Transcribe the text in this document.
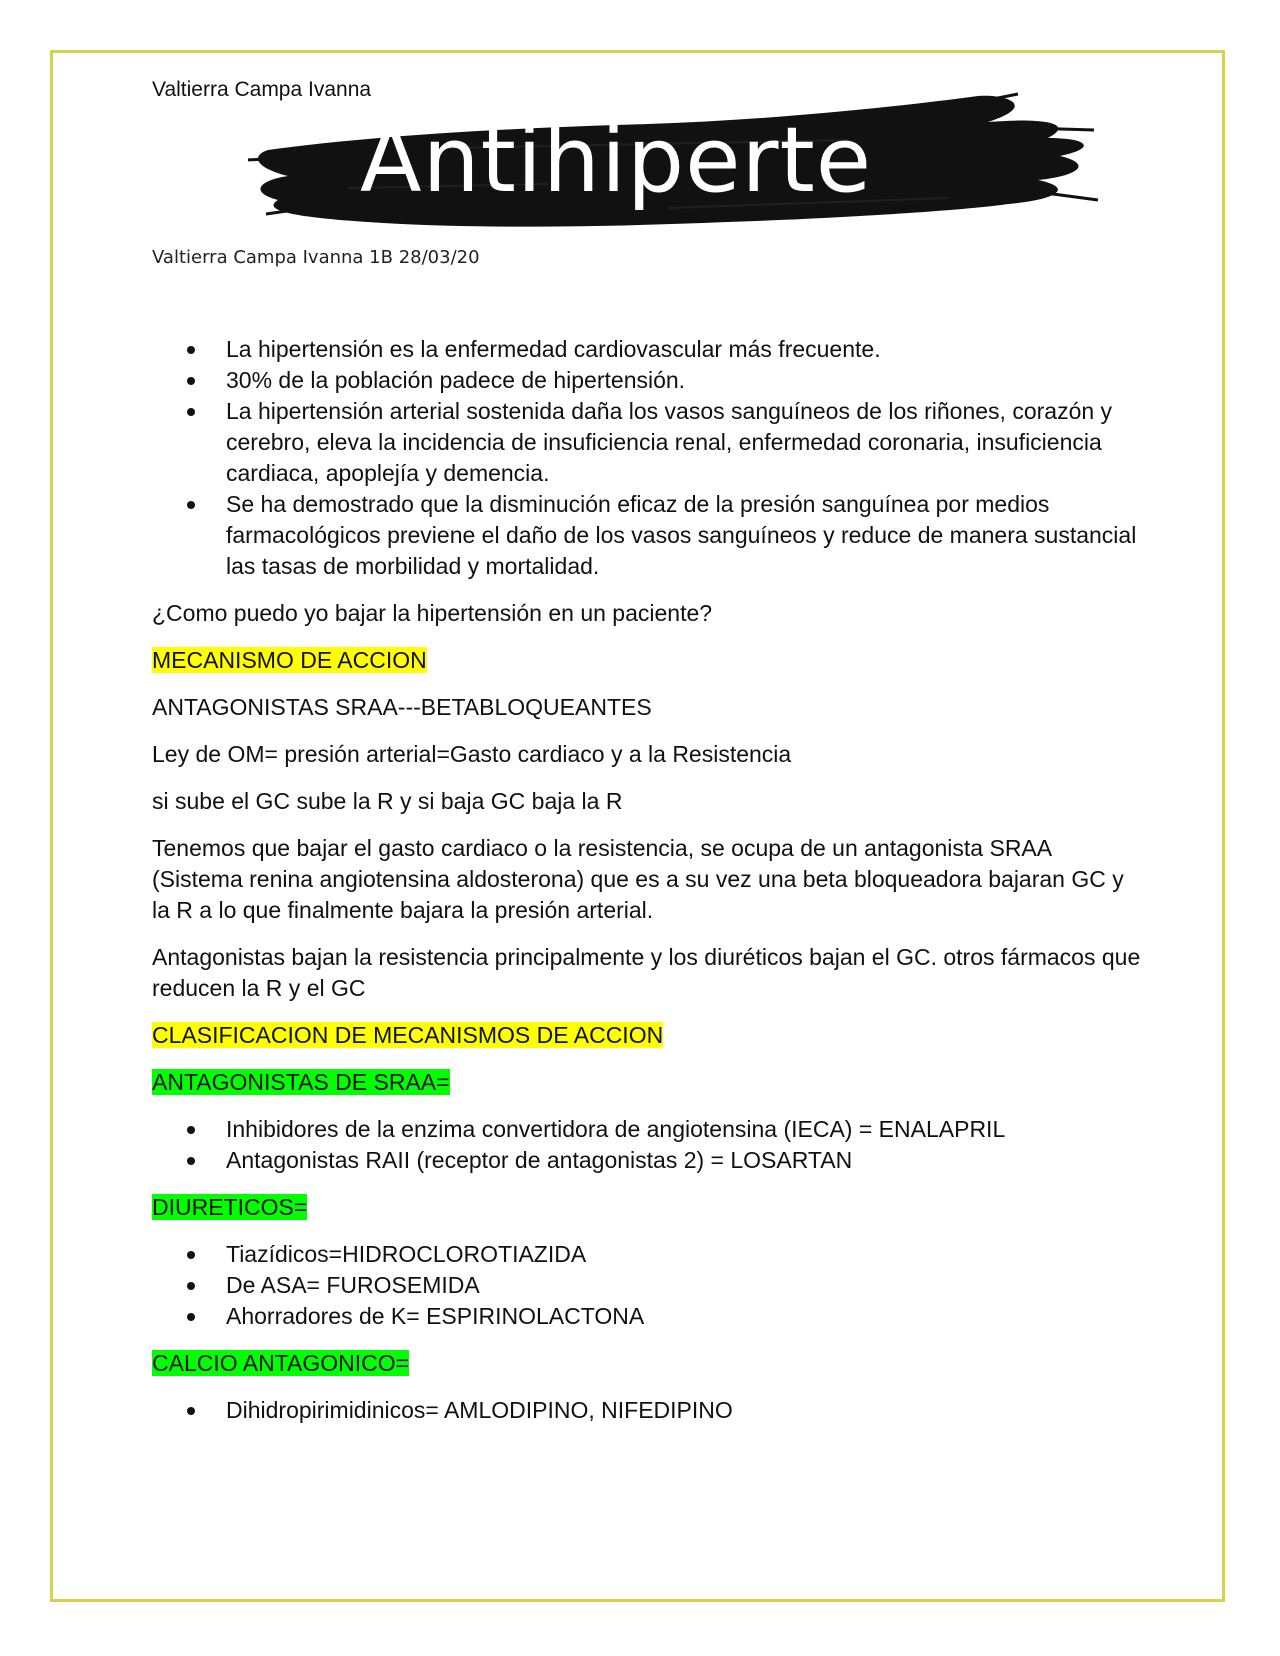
Valtierra Campa Ivanna
Antihiperte
Valtierra Campa Ivanna 1B 28/03/20
La hipertensión es la enfermedad cardiovascular más frecuente.
30% de la población padece de hipertensión.
La hipertensión arterial sostenida daña los vasos sanguíneos de los riñones, corazón y cerebro, eleva la incidencia de insuficiencia renal, enfermedad coronaria, insuficiencia cardiaca, apoplejía y demencia.
Se ha demostrado que la disminución eficaz de la presión sanguínea por medios farmacológicos previene el daño de los vasos sanguíneos y reduce de manera sustancial las tasas de morbilidad y mortalidad.

¿Como puedo yo bajar la hipertensión en un paciente?

MECANISMO DE ACCION

ANTAGONISTAS SRAA---BETABLOQUEANTES

Ley de OM= presión arterial=Gasto cardiaco y a la Resistencia

si sube el GC sube la R y si baja GC baja la R

Tenemos que bajar el gasto cardiaco o la resistencia, se ocupa de un antagonista SRAA (Sistema renina angiotensina aldosterona) que es a su vez una beta bloqueadora bajaran GC y la R a lo que finalmente bajara la presión arterial.

Antagonistas bajan la resistencia principalmente y los diuréticos bajan el GC. otros fármacos que reducen la R y el GC

CLASIFICACION DE MECANISMOS DE ACCION

ANTAGONISTAS DE SRAA=

Inhibidores de la enzima convertidora de angiotensina (IECA) = ENALAPRIL
Antagonistas RAII (receptor de antagonistas 2) = LOSARTAN

DIURETICOS=

Tiazídicos=HIDROCLOROTIAZIDA
De ASA= FUROSEMIDA
Ahorradores de K= ESPIRINOLACTONA

CALCIO ANTAGONICO=

Dihidropirimidinicos= AMLODIPINO, NIFEDIPINO
